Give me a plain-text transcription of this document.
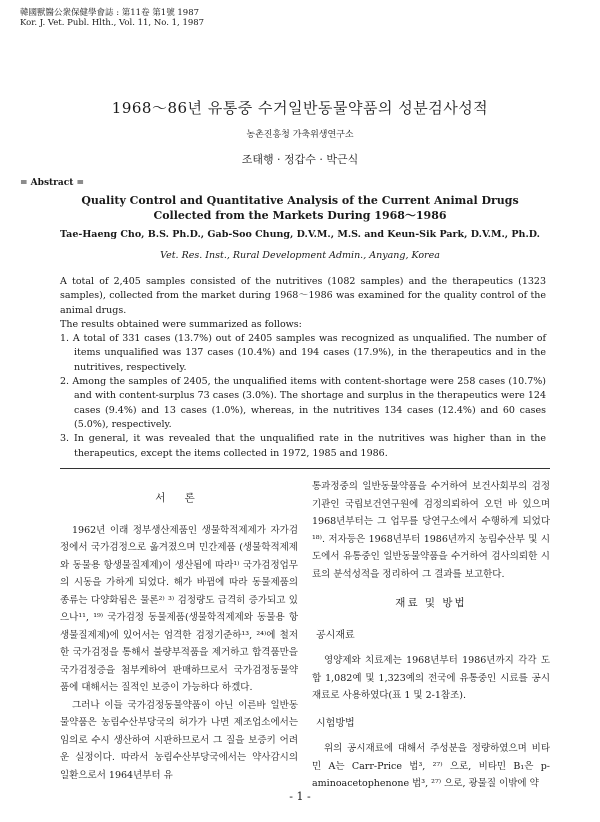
韓國獸醫公衆保健學會誌 : 第11卷 第1號 1987
Kor. J. Vet. Publ. Hlth., Vol. 11, No. 1, 1987
1968～86년 유통중 수거일반동물약품의 성분검사성적
농촌진흥청 가축위생연구소
조태행 · 정갑수 · 박근식
= Abstract =
Quality Control and Quantitative Analysis of the Current Animal Drugs
Collected from the Markets During 1968～1986
Tae-Haeng Cho, B.S. Ph.D., Gab-Soo Chung, D.V.M., M.S. and Keun-Sik Park, D.V.M., Ph.D.
Vet. Res. Inst., Rural Development Admin., Anyang, Korea

A total of 2,405 samples consisted of the nutritives (1082 samples) and the therapeutics (1323 samples), collected from the market during 1968～1986 was examined for the quality control of the animal drugs.

The results obtained were summarized as follows:

1. A total of 331 cases (13.7%) out of 2405 samples was recognized as unqualified. The number of items unqualified was 137 cases (10.4%) and 194 cases (17.9%), in the therapeutics and in the nutritives, respectively.

2. Among the samples of 2405, the unqualified items with content-shortage were 258 cases (10.7%) and with content-surplus 73 cases (3.0%). The shortage and surplus in the therapeutics were 124 cases (9.4%) and 13 cases (1.0%), whereas, in the nutritives 134 cases (12.4%) and 60 cases (5.0%), respectively.

3. In general, it was revealed that the unqualified rate in the nutritives was higher than in the therapeutics, except the items collected in 1972, 1985 and 1986.

서 론

1962년 이래 정부생산제품인 생물학적제제가 자가검정에서 국가검정으로 옮겨졌으며 민간제품 (생물학적제제와 동물용 항생물질제제)이 생산됨에 따라¹⁾ 국가검정업무의 시동을 가하게 되었다. 해가 바뀜에 따라 동물제품의 종류는 다양화됨은 물론²⁾ ³⁾ 검정량도 급격히 증가되고 있으나¹¹, ¹⁹⁾ 국가검정 동물제품(생물학적제제와 동물용 항생물질제제)에 있어서는 엄격한 검정기준하¹³, ²⁴⁾에 철저한 국가검정을 통해서 불량부적품을 제거하고 합격품만을 국가검정증을 첨부케하여 판매하므로서 국가검정동물약품에 대해서는 질적인 보증이 가능하다 하겠다.

그러나 이들 국가검정동물약품이 아닌 이른바 일반동물약품은 농림수산부당국의 허가가 나면 제조업소에서는 임의로 수시 생산하여 시판하므로서 그 질을 보증키 어려운 실정이다. 따라서 농림수산부당국에서는 약사감시의 일환으로서 1964년부터 유

통과정중의 일반동물약품을 수거하여 보건사회부의 검정기관인 국립보건연구원에 검정의뢰하여 오던 바 있으며 1968년부터는 그 업무를 당연구소에서 수행하게 되었다¹⁸⁾. 저자등은 1968년부터 1986년까지 농림수산부 및 시도에서 유통중인 일반동물약품을 수거하여 검사의뢰한 시료의 분석성적을 정리하여 그 결과를 보고한다.

재료 및 방법
공시재료

영양제와 치료제는 1968년부터 1986년까지 각각 도합 1,082예 및 1,323예의 전국에 유통중인 시료를 공시재료로 사용하였다(표 1 및 2-1참조).

시험방법

위의 공시재료에 대해서 주성분을 정량하였으며 비타민 A는 Carr-Price 법³, ²⁷⁾ 으로, 비타민 B₁은 p-aminoacetophenone 법³, ²⁷⁾ 으로, 광물질 이밖에 약

- 1 -
